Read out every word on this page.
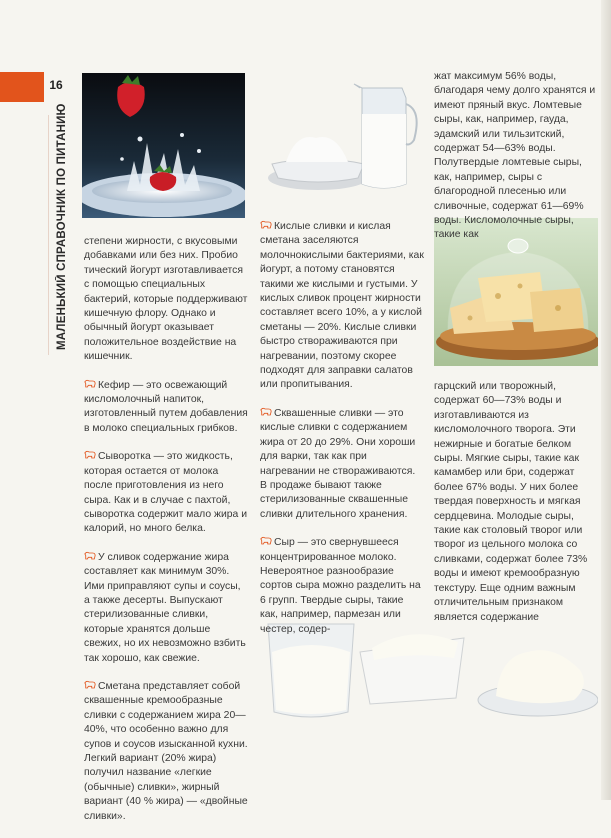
16
МАЛЕНЬКИЙ СПРАВОЧНИК ПО ПИТАНИЮ степени жирности, с вкусовыми добавками или без них. Пробио тический йогурт изготавливается с помощью специальных бактерий, которые поддерживают кишечную флору. Однако и обычный йогурт оказывает положительное воздействие на кишечник.

Кефир — это освежающий кисломолочный напиток, изготовленный путем добавления в молоко специальных грибков.

Сыворотка — это жидкость, которая остается от молока после приготовления из него сыра. Как и в случае с пахтой, сыворотка содержит мало жира и калорий, но много белка.

У сливок содержание жира составляет как минимум 30%. Ими приправляют супы и соусы, а также десерты. Выпускают стерилизованные сливки, которые хранятся дольше свежих, но их невозможно взбить так хорошо, как свежие.

Сметана представляет собой сквашенные кремообразные сливки с содержанием жира 20—40%, что особенно важно для супов и соусов изысканной кухни. Легкий вариант (20% жира) получил название «легкие (обычные) сливки», жирный вариант (40 % жира) — «двойные сливки».

Кислые сливки и кислая сметана заселяются молочнокислыми бактериями, как йогурт, а потому становятся такими же кислыми и густыми. У кислых сливок процент жирности составляет всего 10%, а у кислой сметаны — 20%. Кислые сливки быстро створаживаются при нагревании, поэтому скорее подходят для заправки салатов или пропитывания.

Сквашенные сливки — это кислые сливки с содержанием жира от 20 до 29%. Они хороши для варки, так как при нагревании не створаживаются. В продаже бывают также стерилизованные сквашенные сливки длительного хранения.

Сыр — это свернувшееся концентрированное молоко. Невероятное разнообразие сортов сыра можно разделить на 6 групп. Твердые сыры, такие как, например, пармезан или честер, содер-

жат максимум 56% воды, благодаря чему долго хранятся и имеют пряный вкус. Ломтевые сыры, как, например, гауда, эдамский или тильзитский, содержат 54—63% воды. Полутвердые ломтевые сыры, как, например, сыры с благородной плесенью или сливочные, содержат 61—69% воды. Кисломолочные сыры, такие как

гарцский или творожный, содержат 60—73% воды и изготавливаются из кисломолочного творога. Эти нежирные и богатые белком сыры. Мягкие сыры, такие как камамбер или бри, содержат более 67% воды. У них более твердая поверхность и мягкая сердцевина. Молодые сыры, такие как столовый творог или творог из цельного молока со сливками, содержат более 73% воды и имеют кремообразную текстуру. Еще одним важным отличительным признаком является содержание
